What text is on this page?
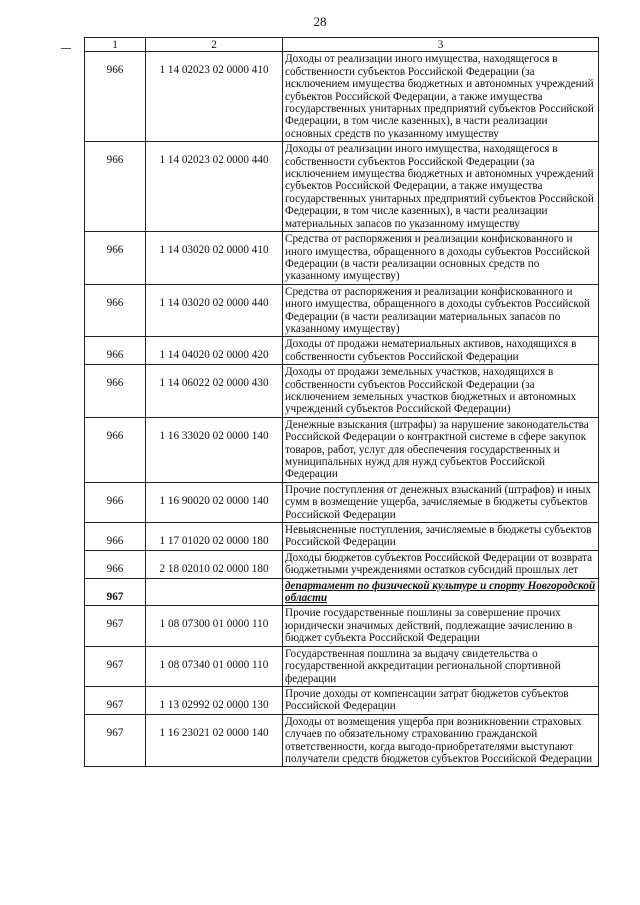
28
1	2	3
966	1 14 02023 02 0000 410	Доходы от реализации иного имущества, находящегося в собственности субъектов Российской Федерации (за исключением имущества бюджетных и автономных учреждений субъектов Российской Федерации, а также имущества государственных унитарных предприятий субъектов Российской Федерации, в том числе казенных), в части реализации основных средств по указанному имуществу
966	1 14 02023 02 0000 440	Доходы от реализации иного имущества, находящегося в собственности субъектов Российской Федерации (за исключением имущества бюджетных и автономных учреждений субъектов Российской Федерации, а также имущества государственных унитарных предприятий субъектов Российской Федерации, в том числе казенных), в части реализации материальных запасов по указанному имуществу
966	1 14 03020 02 0000 410	Средства от распоряжения и реализации конфискованного и иного имущества, обращенного в доходы субъектов Российской Федерации (в части реализации основных средств по указанному имуществу)
966	1 14 03020 02 0000 440	Средства от распоряжения и реализации конфискованного и иного имущества, обращенного в доходы субъектов Российской Федерации (в части реализации материальных запасов по указанному имуществу)
966	1 14 04020 02 0000 420	Доходы от продажи нематериальных активов, находящихся в собственности субъектов Российской Федерации
966	1 14 06022 02 0000 430	Доходы от продажи земельных участков, находящихся в собственности субъектов Российской Федерации (за исключением земельных участков бюджетных и автономных учреждений субъектов Российской Федерации)
966	1 16 33020 02 0000 140	Денежные взыскания (штрафы) за нарушение законодательства Российской Федерации о контрактной системе в сфере закупок товаров, работ, услуг для обеспечения государственных и муниципальных нужд для нужд субъектов Российской Федерации
966	1 16 90020 02 0000 140	Прочие поступления от денежных взысканий (штрафов) и иных сумм в возмещение ущерба, зачисляемые в бюджеты субъектов Российской Федерации
966	1 17 01020 02 0000 180	Невыясненные поступления, зачисляемые в бюджеты субъектов Российской Федерации
966	2 18 02010 02 0000 180	Доходы бюджетов субъектов Российской Федерации от возврата бюджетными учреждениями остатков субсидий прошлых лет
967		департамент по физической культуре и спорту Новгородской области
967	1 08 07300 01 0000 110	Прочие государственные пошлины за совершение прочих юридически значимых действий, подлежащие зачислению в бюджет субъекта Российской Федерации
967	1 08 07340 01 0000 110	Государственная пошлина за выдачу свидетельства о государственной аккредитации региональной спортивной федерации
967	1 13 02992 02 0000 130	Прочие доходы от компенсации затрат бюджетов субъектов Российской Федерации
967	1 16 23021 02 0000 140	Доходы от возмещения ущерба при возникновении страховых случаев по обязательному страхованию гражданской ответственности, когда выгодо-приобретателями выступают получатели средств бюджетов субъектов Российской Федерации
